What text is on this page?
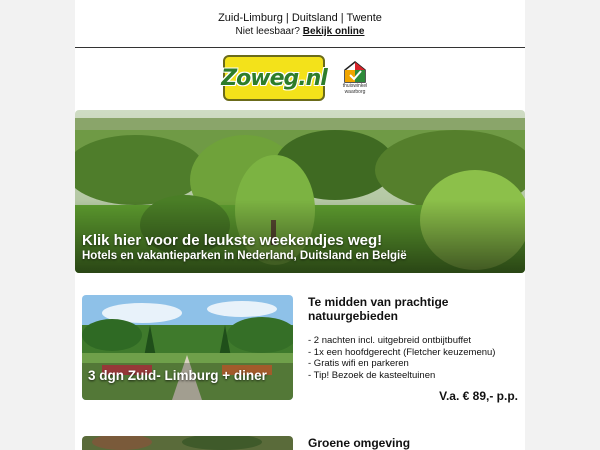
Zuid-Limburg | Duitsland | Twente
Niet leesbaar? Bekijk online
Zoweg.nl	thuiswinkel
waarborg
Klik hier voor de leukste weekendjes weg!
Hotels en vakantieparken in Nederland, Duitsland en België
3 dgn Zuid- Limburg + diner

Te midden van prachtige natuurgebieden

- 2 nachten incl. uitgebreid ontbijtbuffet
- 1x een hoofdgerecht (Fletcher keuzemenu)
- Gratis wifi en parkeren
- Tip! Bezoek de kasteeltuinen
V.a. € 89,- p.p.

Groene omgeving
